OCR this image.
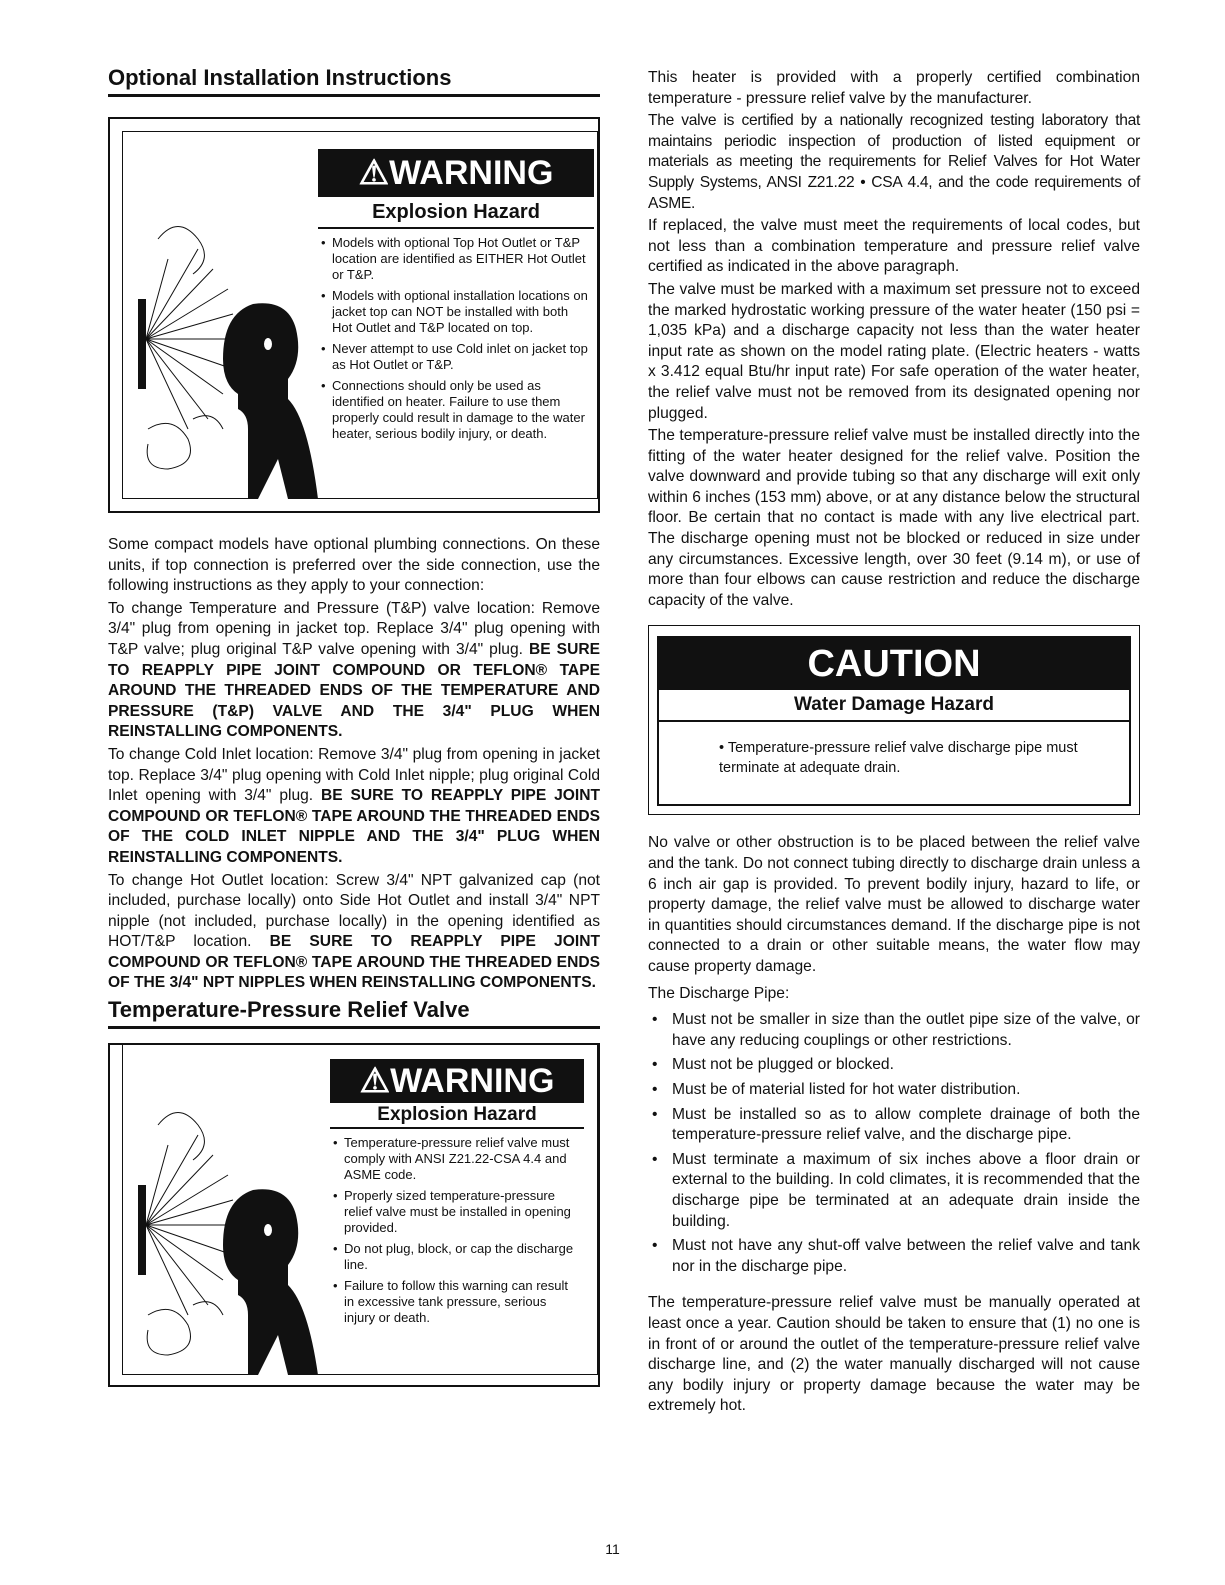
Optional Installation Instructions
⚠WARNING
Explosion Hazard
• Models with optional Top Hot Outlet or T&P location are identified as EITHER Hot Outlet or T&P.
• Models with optional installation locations on jacket top can NOT be installed with both Hot Outlet and T&P located on top.
• Never attempt to use Cold inlet on jacket top as Hot Outlet or T&P.
• Connections should only be used as identified on heater. Failure to use them properly could result in damage to the water heater, serious bodily injury, or death.

Some compact models have optional plumbing connections. On these units, if top connection is preferred over the side connection, use the following instructions as they apply to your connection:

To change Temperature and Pressure (T&P) valve location: Remove 3/4" plug from opening in jacket top. Replace 3/4" plug opening with T&P valve; plug original T&P valve opening with 3/4" plug. BE SURE TO REAPPLY PIPE JOINT COMPOUND OR TEFLON® TAPE AROUND THE THREADED ENDS OF THE TEMPERATURE AND PRESSURE (T&P) VALVE AND THE 3/4" PLUG WHEN REINSTALLING COMPONENTS.

To change Cold Inlet location: Remove 3/4" plug from opening in jacket top. Replace 3/4" plug opening with Cold Inlet nipple; plug original Cold Inlet opening with 3/4" plug. BE SURE TO REAPPLY PIPE JOINT COMPOUND OR TEFLON® TAPE AROUND THE THREADED ENDS OF THE COLD INLET NIPPLE AND THE 3/4" PLUG WHEN REINSTALLING COMPONENTS.

To change Hot Outlet location: Screw 3/4" NPT galvanized cap (not included, purchase locally) onto Side Hot Outlet and install 3/4" NPT nipple (not included, purchase locally) in the opening identified as HOT/T&P location. BE SURE TO REAPPLY PIPE JOINT COMPOUND OR TEFLON® TAPE AROUND THE THREADED ENDS OF THE 3/4" NPT NIPPLES WHEN REINSTALLING COMPONENTS.

Temperature-Pressure Relief Valve
⚠WARNING
Explosion Hazard
• Temperature-pressure relief valve must comply with ANSI Z21.22-CSA 4.4 and ASME code.
• Properly sized temperature-pressure relief valve must be installed in opening provided.
• Do not plug, block, or cap the discharge line.
• Failure to follow this warning can result in excessive tank pressure, serious injury or death.

This heater is provided with a properly certified combination temperature - pressure relief valve by the manufacturer.

The valve is certified by a nationally recognized testing laboratory that maintains periodic inspection of production of listed equipment or materials as meeting the requirements for Relief Valves for Hot Water Supply Systems, ANSI Z21.22 • CSA 4.4, and the code requirements of ASME.

If replaced, the valve must meet the requirements of local codes, but not less than a combination temperature and pressure relief valve certified as indicated in the above paragraph.

The valve must be marked with a maximum set pressure not to exceed the marked hydrostatic working pressure of the water heater (150 psi = 1,035 kPa) and a discharge capacity not less than the water heater input rate as shown on the model rating plate. (Electric heaters - watts x 3.412 equal Btu/hr input rate) For safe operation of the water heater, the relief valve must not be removed from its designated opening nor plugged.

The temperature-pressure relief valve must be installed directly into the fitting of the water heater designed for the relief valve. Position the valve downward and provide tubing so that any discharge will exit only within 6 inches (153 mm) above, or at any distance below the structural floor. Be certain that no contact is made with any live electrical part. The discharge opening must not be blocked or reduced in size under any circumstances. Excessive length, over 30 feet (9.14 m), or use of more than four elbows can cause restriction and reduce the discharge capacity of the valve.

CAUTION
Water Damage Hazard
• Temperature-pressure relief valve discharge pipe must terminate at adequate drain.

No valve or other obstruction is to be placed between the relief valve and the tank. Do not connect tubing directly to discharge drain unless a 6 inch air gap is provided. To prevent bodily injury, hazard to life, or property damage, the relief valve must be allowed to discharge water in quantities should circumstances demand. If the discharge pipe is not connected to a drain or other suitable means, the water flow may cause property damage.

The Discharge Pipe:

• Must not be smaller in size than the outlet pipe size of the valve, or have any reducing couplings or other restrictions.
• Must not be plugged or blocked.
• Must be of material listed for hot water distribution.
• Must be installed so as to allow complete drainage of both the temperature-pressure relief valve, and the discharge pipe.
• Must terminate a maximum of six inches above a floor drain or external to the building. In cold climates, it is recommended that the discharge pipe be terminated at an adequate drain inside the building.
• Must not have any shut-off valve between the relief valve and tank nor in the discharge pipe.

The temperature-pressure relief valve must be manually operated at least once a year. Caution should be taken to ensure that (1) no one is in front of or around the outlet of the temperature-pressure relief valve discharge line, and (2) the water manually discharged will not cause any bodily injury or property damage because the water may be extremely hot.

11
